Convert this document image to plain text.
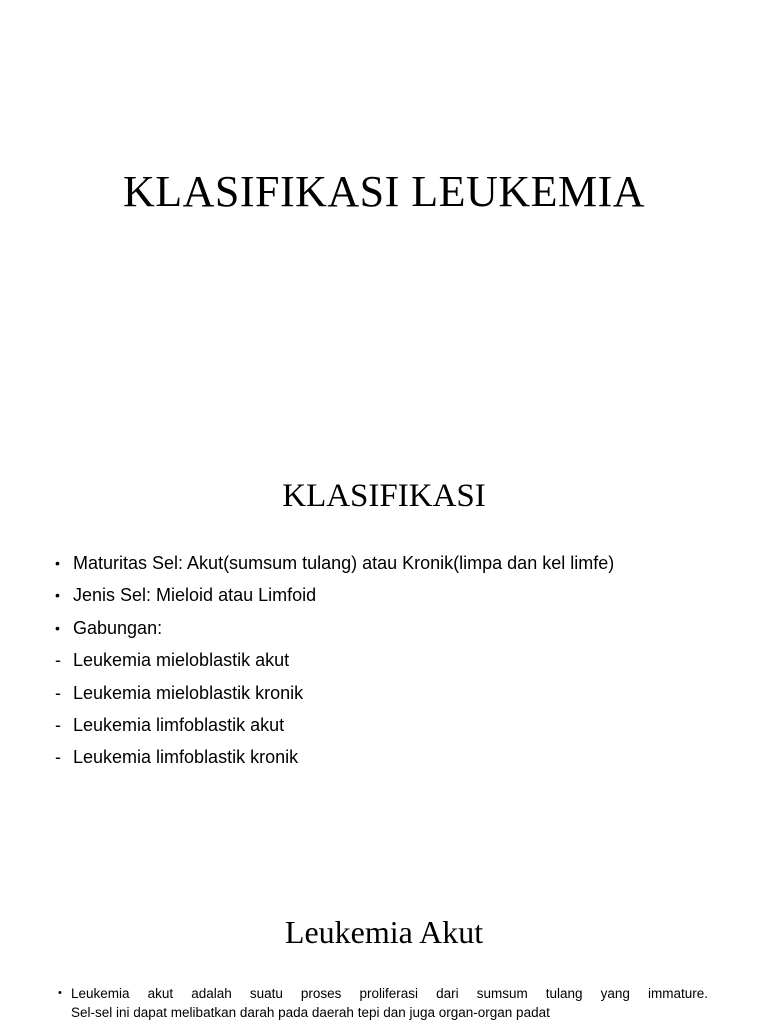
KLASIFIKASI LEUKEMIA
KLASIFIKASI
• Maturitas Sel: Akut(sumsum tulang) atau Kronik(limpa dan kel limfe)
• Jenis Sel: Mieloid atau Limfoid
• Gabungan:
- Leukemia mieloblastik akut
- Leukemia mieloblastik kronik
- Leukemia limfoblastik akut
- Leukemia limfoblastik kronik
Leukemia Akut
• Leukemia akut adalah suatu proses proliferasi dari sumsum tulang yang immature.
Sel-sel ini dapat melibatkan darah pada daerah tepi dan juga organ-organ padat
